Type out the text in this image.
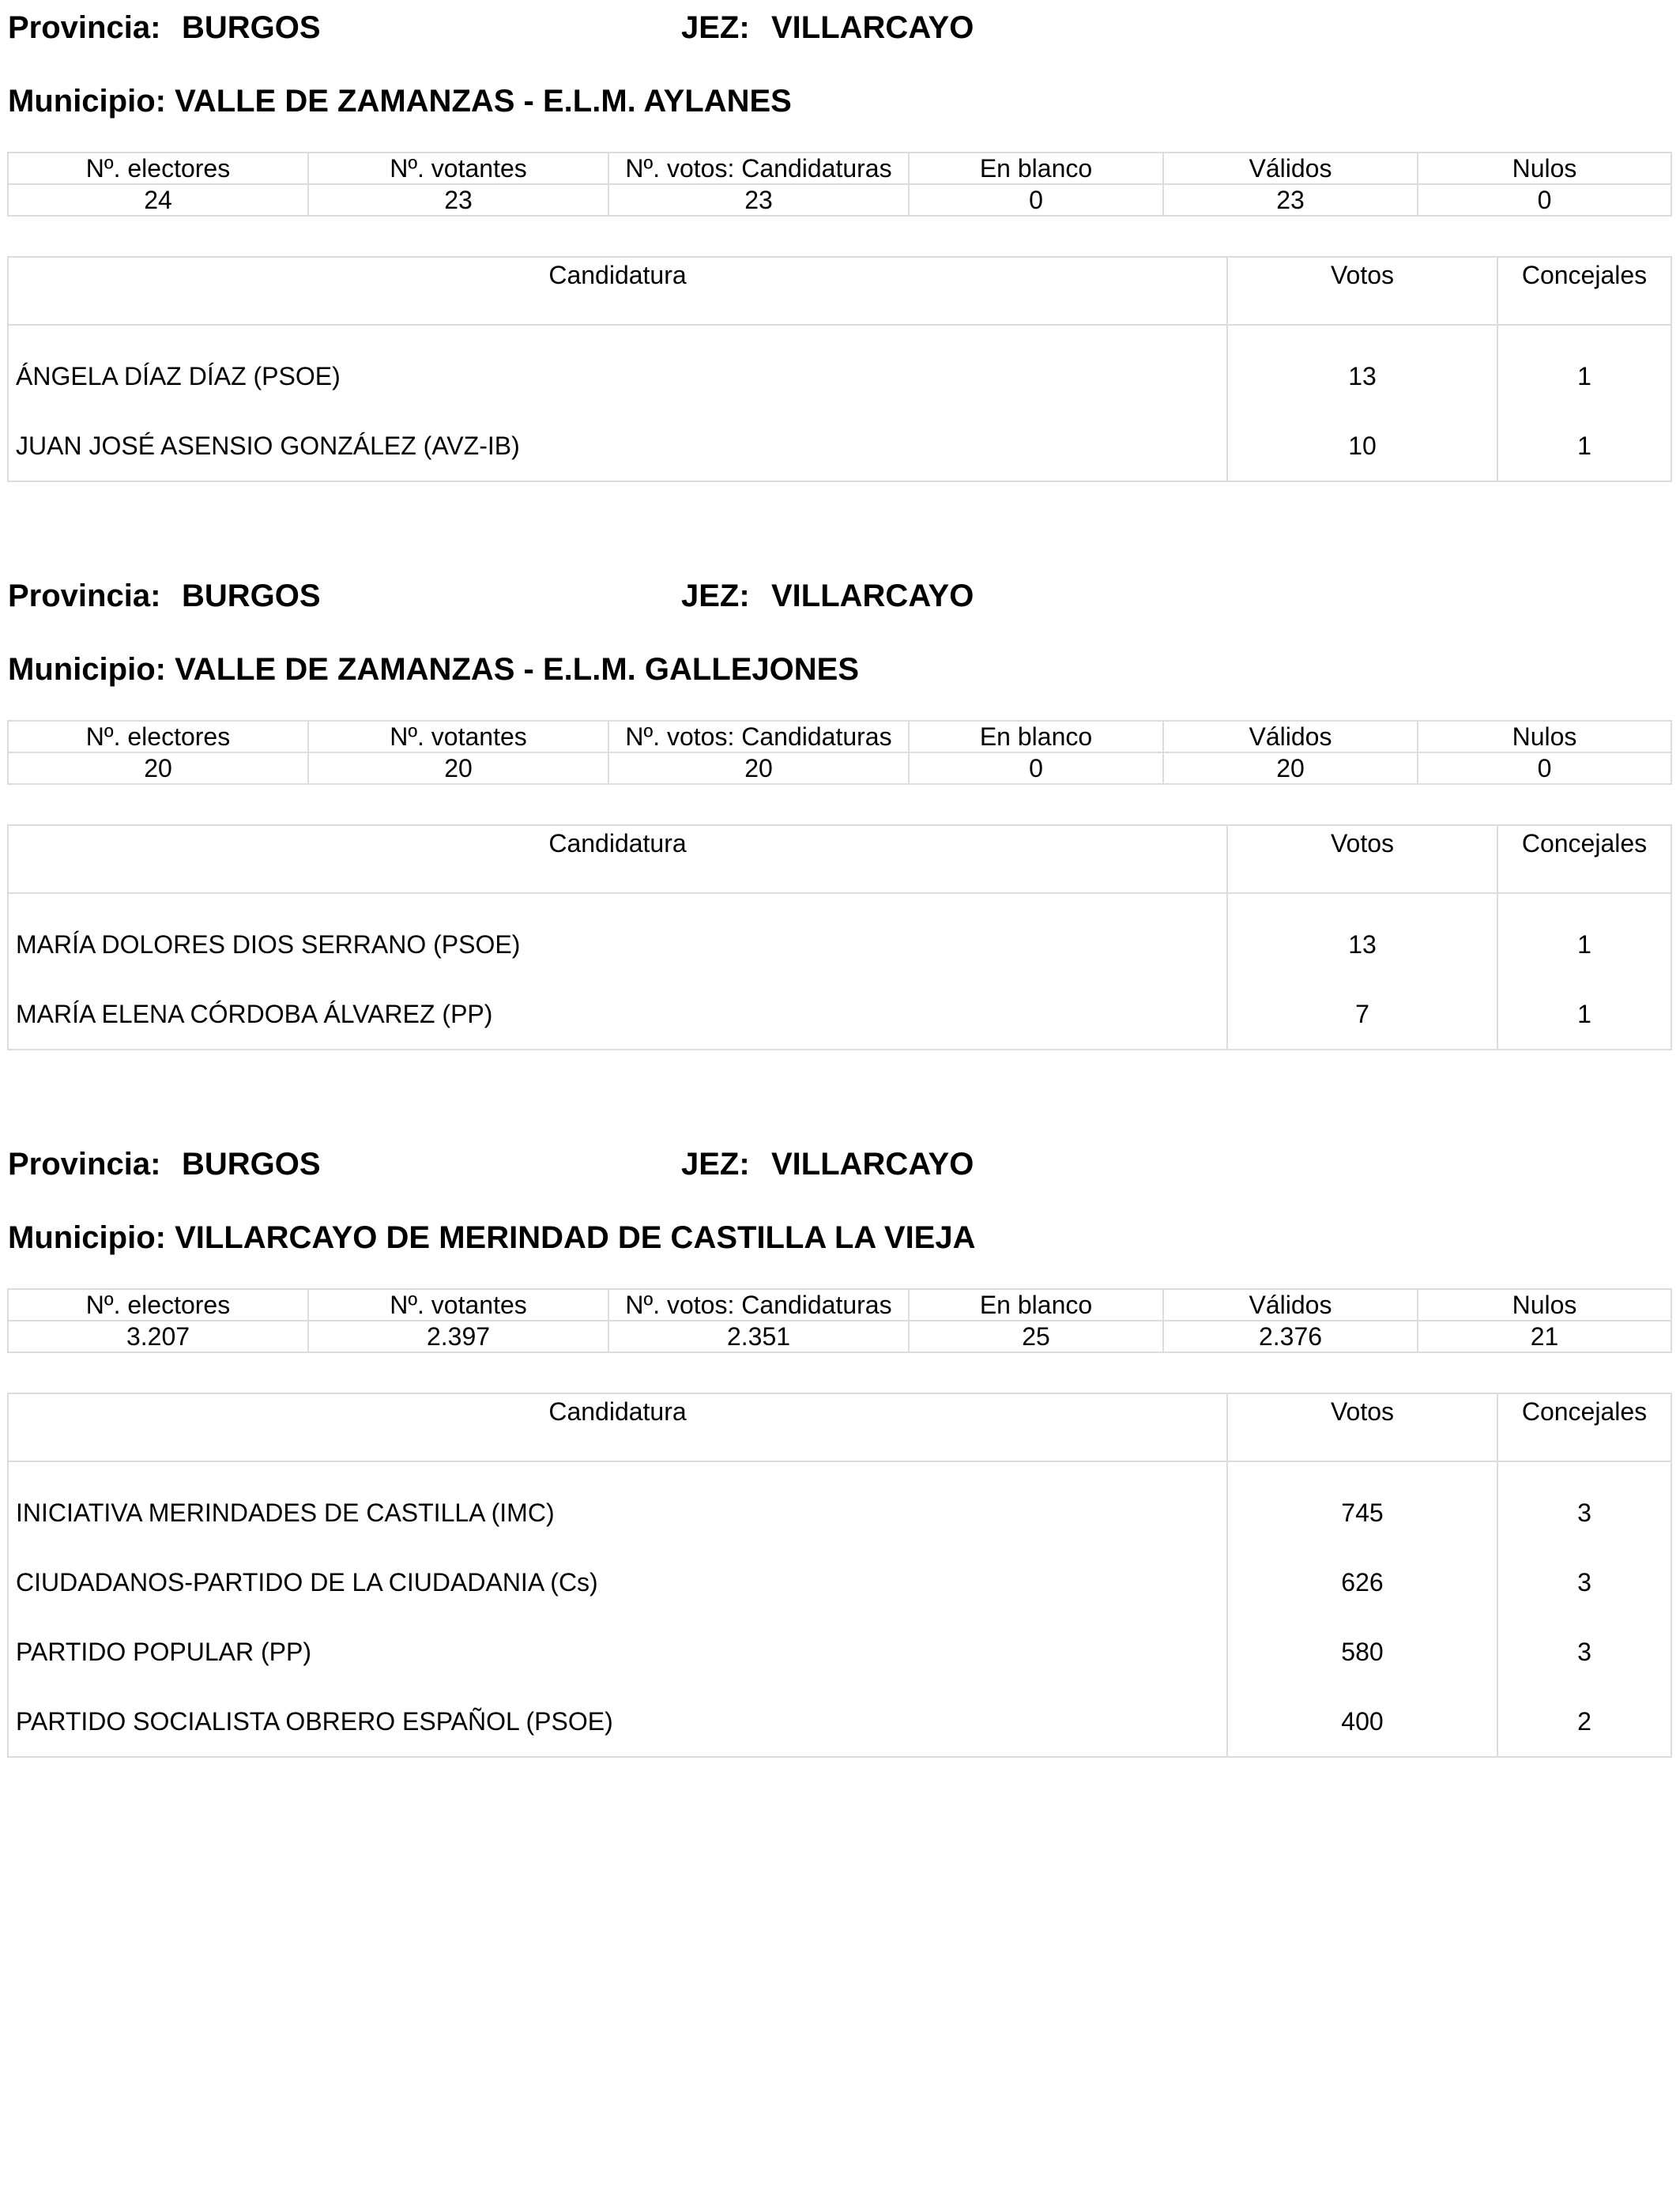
Provincia: BURGOS	JEZ: VILLARCAYO
Municipio: VALLE DE ZAMANZAS - E.L.M. AYLANES
Nº. electores	Nº. votantes	Nº. votos: Candidaturas	En blanco	Válidos	Nulos
24	23	23	0	23	0
Candidatura	Votos	Concejales
ÁNGELA DÍAZ DÍAZ (PSOE)	13	1
JUAN JOSÉ ASENSIO GONZÁLEZ (AVZ-IB)	10	1
Provincia: BURGOS	JEZ: VILLARCAYO
Municipio: VALLE DE ZAMANZAS - E.L.M. GALLEJONES
Nº. electores	Nº. votantes	Nº. votos: Candidaturas	En blanco	Válidos	Nulos
20	20	20	0	20	0
Candidatura	Votos	Concejales
MARÍA DOLORES DIOS SERRANO (PSOE)	13	1
MARÍA ELENA CÓRDOBA ÁLVAREZ (PP)	7	1
Provincia: BURGOS	JEZ: VILLARCAYO
Municipio: VILLARCAYO DE MERINDAD DE CASTILLA LA VIEJA
Nº. electores	Nº. votantes	Nº. votos: Candidaturas	En blanco	Válidos	Nulos
3.207	2.397	2.351	25	2.376	21
Candidatura	Votos	Concejales
INICIATIVA MERINDADES DE CASTILLA (IMC)	745	3
CIUDADANOS-PARTIDO DE LA CIUDADANIA (Cs)	626	3
PARTIDO POPULAR (PP)	580	3
PARTIDO SOCIALISTA OBRERO ESPAÑOL (PSOE)	400	2
